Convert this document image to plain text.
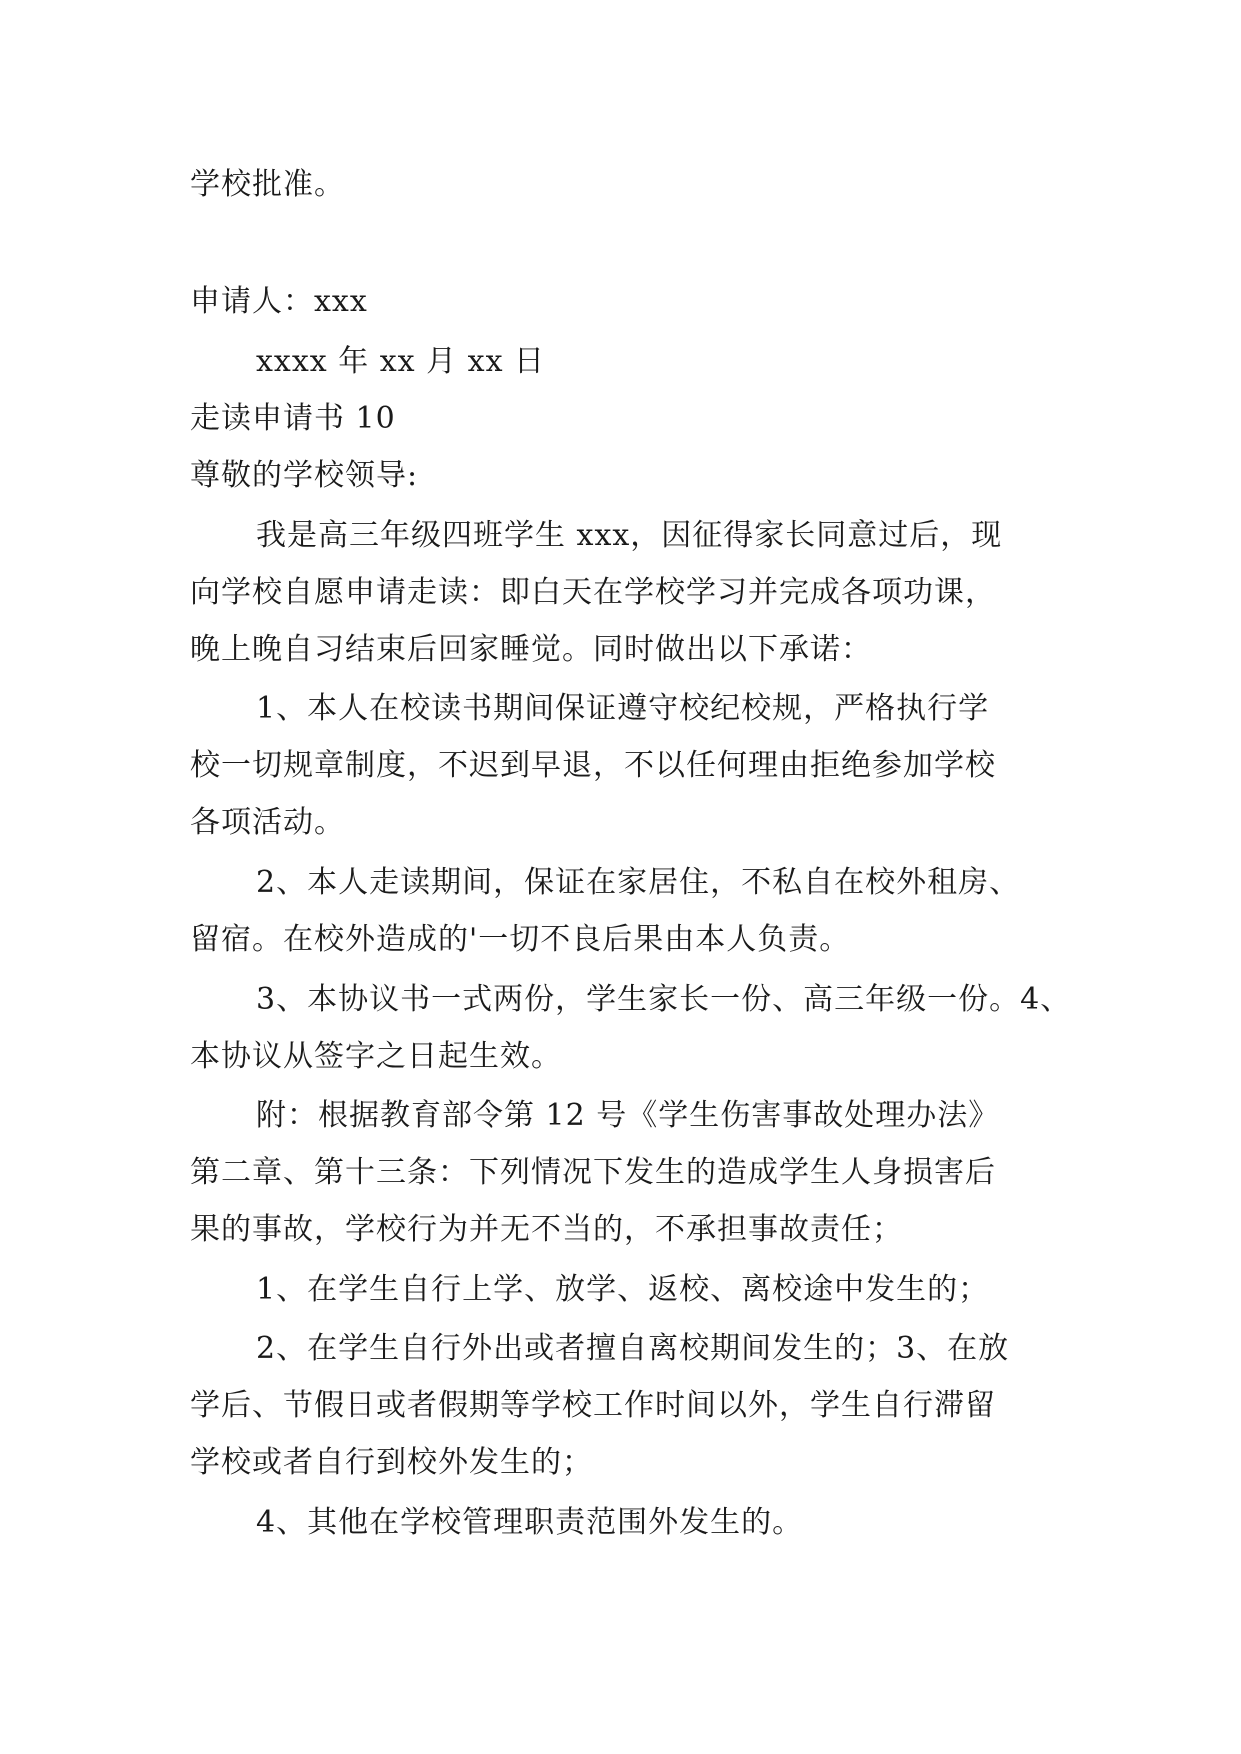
学校批准。
申请人：xxx
xxxx 年 xx 月 xx 日
走读申请书 10
尊敬的学校领导:
我是高三年级四班学生 xxx，因征得家长同意过后，现
向学校自愿申请走读：即白天在学校学习并完成各项功课，
晚上晚自习结束后回家睡觉。同时做出以下承诺：
1、本人在校读书期间保证遵守校纪校规，严格执行学
校一切规章制度，不迟到早退，不以任何理由拒绝参加学校
各项活动。
2、本人走读期间，保证在家居住，不私自在校外租房、
留宿。在校外造成的'一切不良后果由本人负责。
3、本协议书一式两份，学生家长一份、高三年级一份。4、
本协议从签字之日起生效。
附：根据教育部令第 12 号《学生伤害事故处理办法》
第二章、第十三条：下列情况下发生的造成学生人身损害后
果的事故，学校行为并无不当的，不承担事故责任；
1、在学生自行上学、放学、返校、离校途中发生的；
2、在学生自行外出或者擅自离校期间发生的；3、在放
学后、节假日或者假期等学校工作时间以外，学生自行滞留
学校或者自行到校外发生的；
4、其他在学校管理职责范围外发生的。
